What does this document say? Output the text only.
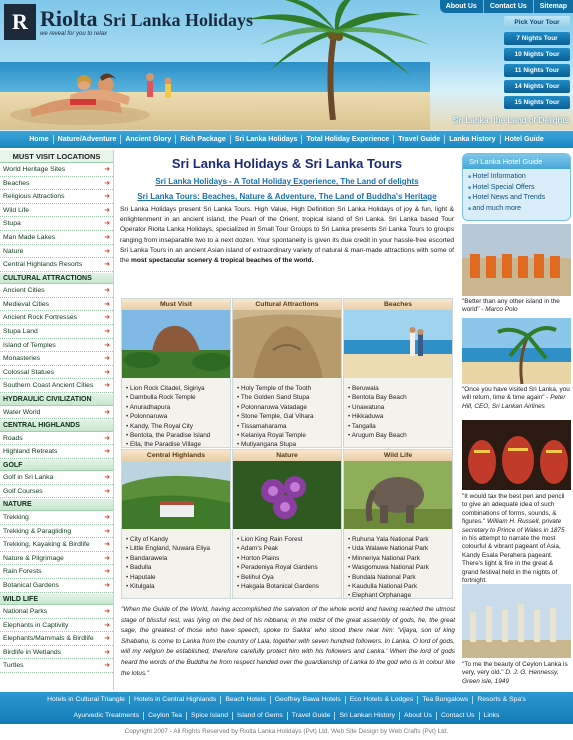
R Riolta Sri Lanka Holidays
we reveal for you to relax
About Us	Contact Us	Sitemap
Pick Your Tour
7 Nights Tour
10 Nights Tour
11 Nights Tour
14 Nights Tour
15 Nights Tour
Sri Lanka, the Land of Delights
Home	Nature/Adventure	Ancient Glory	Rich Package	Sri Lanka Holidays	Total Holiday Experience	Travel Guide	Lanka History	Hotel Guide
MUST VISIT LOCATIONS
World Heritage Sites	➜
Beaches	➜
Religious Attractions	➜
Wild Life	➜
Stupa	➜
Man Made Lakes	➜
Nature	➜
Central Highlands Resorts	➜
CULTURAL ATTRACTIONS
Ancient Cities	➜
Medieval Cities	➜
Ancient Rock Fortresses	➜
Stupa Land	➜
Island of Temples	➜
Monasteries	➜
Colossal Statues	➜
Southern Coast Ancient Cities ➜
HYDRAULIC CIVILIZATION
Water World	➜
CENTRAL HIGHLANDS
Roads	➜
Highland Retreats	➜
GOLF
Golf in Sri Lanka	➜
Golf Courses	➜
NATURE
Trekking	➜
Trekking & Paragliding	➜
Trekking, Kayaking & Birdlife ➜
Nature & Pilgrimage	➜
Rain Forests	➜
Botanical Gardens	➜
WILD LIFE
National Parks	➜
Elephants in Captivity	➜
Elephants/Mammals & Birdlife ➜
Birdlife in Wetlands	➜
Turtles	➜
Sri Lanka Holidays & Sri Lanka Tours
Sri Lanka Holidays - A Total Holiday Experience, The Land of delights
Sri Lanka Tours: Beaches, Nature & Adventure, The Land of Buddha's Heritage
Sri Lanka Holidays present Sri Lanka Tours. High Value, High Definition Sri Lanka Holidays of joy & fun, light & enlightenment in an ancient island, the Pearl of the Orient, tropical island of Sri Lanka. Sri Lanka based Tour Operator Riolta Lanka Holidays, specialized in Small Tour Groups to Sri Lanka presents Sri Lanka Tours to groups ranging from inseparable two to a next dozen. Your spontaneity is given its due credit in your hassle-free escorted Sri Lanka Tours in an ancient Asian island of extraordinary variety of natural & man-made attractions with some of the most spectacular scenery & tropical beaches of the world.
Must Visit
• Lion Rock Citadel, Sigiriya
• Dambulla Rock Temple
• Anuradhapura
• Polonnaruwa
• Kandy, The Royal City
• Bentota, the Paradise Island
• Ella, the Paradise Village
Cultural Attractions
• Holy Temple of the Tooth
• The Golden Sand Stupa
• Polonnaruwa Vatadage
• Stone Temple, Gal Vihara
• Tissamaharama
• Kelaniya Royal Temple
• Mutiyangana Stupa
Beaches
• Beruwala
• Bentota Bay Beach
• Unawatuna
• Hikkaduwa
• Tangalla
• Arugum Bay Beach
Central Highlands
• City of Kandy
• Little England, Nuwara Eliya
• Bandarawela
• Badulla
• Haputale
• Kitulgala
Nature
• Lion King Rain Forest
• Adam's Peak
• Horton Plains
• Peradeniya Royal Gardens
• Belihul Oya
• Hakgala Botanical Gardens
Wild Life
• Ruhuna Yala National Park
• Uda Walawe National Park
• Minneriya National Park
• Wasgomuwa National Park
• Bundala National Park
• Kaudulla National Park
• Elephant Orphanage
"When the Guide of the World, having accomplished the salvation of the whole world and having reached the utmost stage of blissful rest, was lying on the bed of his nibbana; in the midst of the great assembly of gods, he, the great sage, the greatest of those who have speech, spoke to Sakka' who stood there near him: 'Vijaya, son of king Sihabahu, is come to Lanka from the country of Lala, together with seven hundred followers. In Lanka, O lord of gods, will my religion be established, therefore carefully protect him with his followers and Lanka.' When the lord of gods heard the words of the Buddha he from respect handed over the guardianship of Lanka to the god who is in colour like the lotus."
Sri Lanka Hotel Guide
■ Hotel Information
■ Hotel Special Offers
■ Hotel News and Trends
■ and much more
"Better than any other island in the world" - Marco Polo
"Once you have visited Sri Lanka, you will return, time & time again" - Peter Hill, CEO, Sri Lankan Airlines
"It would tax the best pen and pencil to give an adequate idea of such combinations of forms, sounds, & figures." William H. Russell, private secretary to Prince of Wales in 1875 in his attempt to narrate the most colourful & vibrant pageant of Asia, Kandy Esala Perahera pageant. There's light & fire in the great & grand festival held in the nights of fortnight.
"To me the beauty of Ceylon Lanka is very, very old." D. J. G. Hennessy, Green isle, 1949
Hotels in Cultural Triangle	Hotels in Central Highlands	Beach Hotels	Geoffrey Bawa Hotels	Eco Hotels & Lodges	Tea Bungalows	Resorts & Spa's
Ayurvedic Treatments	Ceylon Tea	Spice Island	Island of Gems	Travel Guide	Sri Lankan History	About Us	Contact Us	Links
Copyright 2007 - All Rights Reserved by Riolta Lanka Holidays (Pvt) Ltd. Web Site Design by Web Crafts (Pvt) Ltd.
